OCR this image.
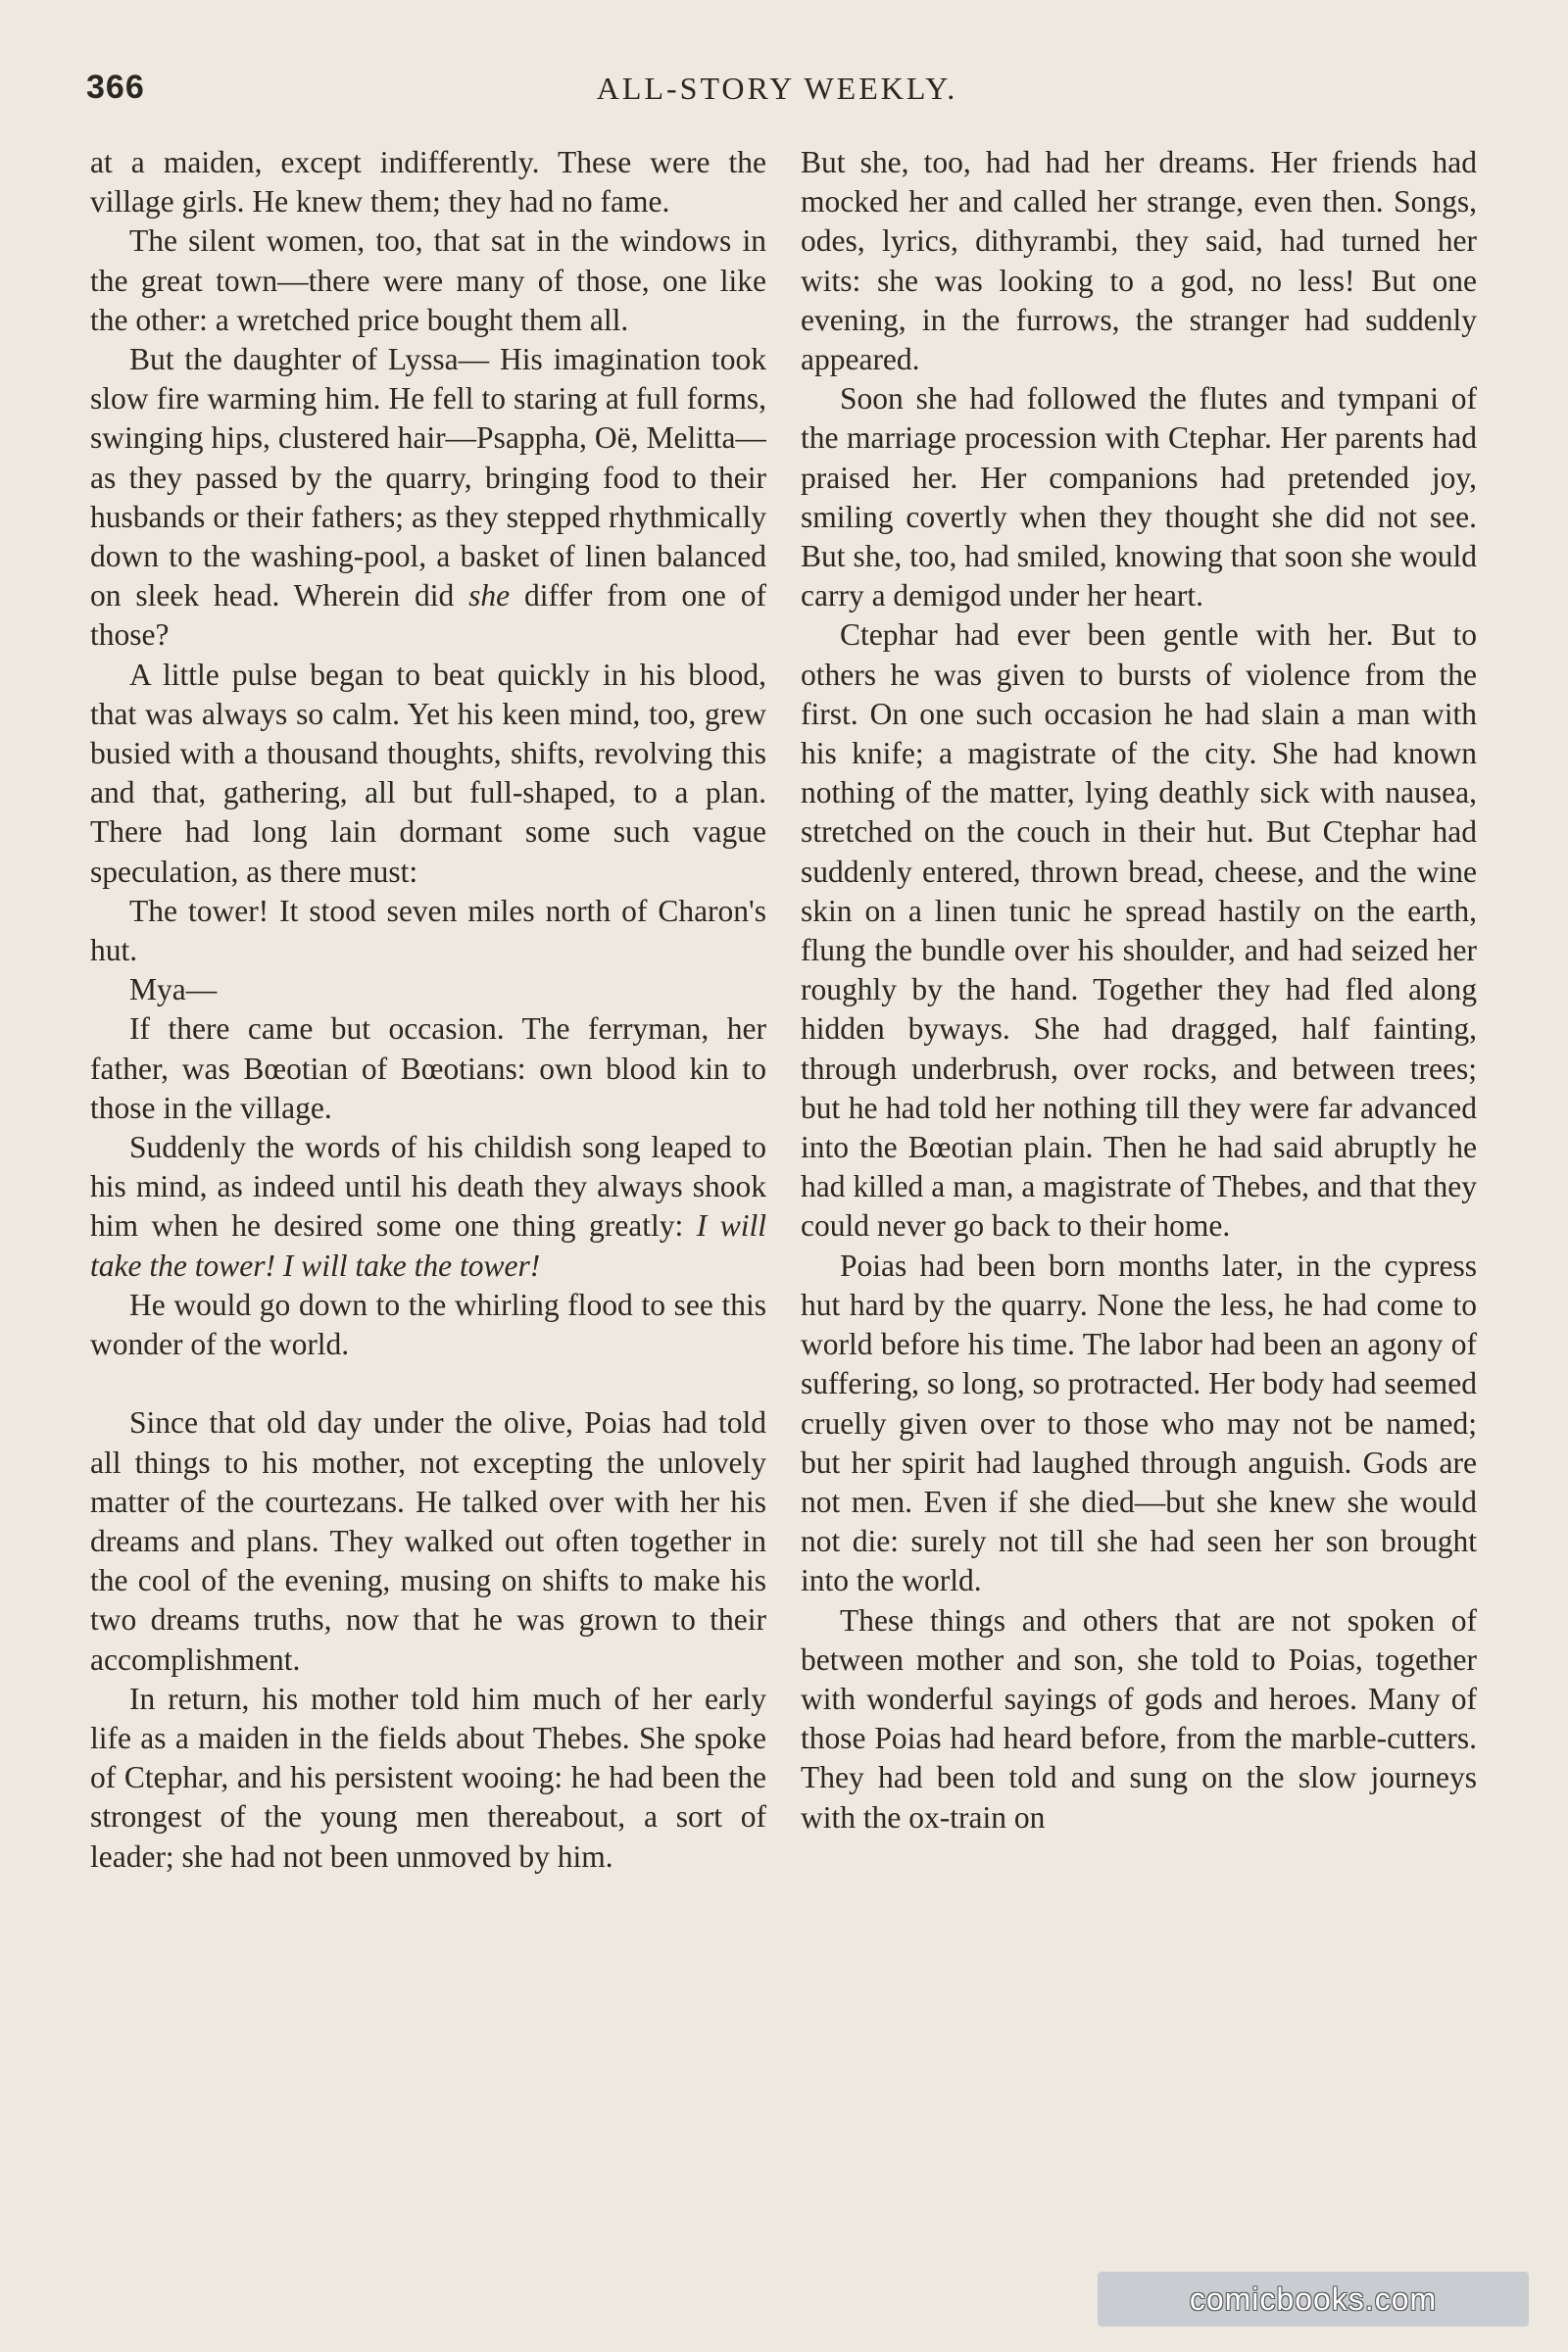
366	ALL-STORY WEEKLY.

at a maiden, except indifferently. These were the village girls. He knew them; they had no fame.

The silent women, too, that sat in the windows in the great town—there were many of those, one like the other: a wretched price bought them all.

But the daughter of Lyssa— His imagination took slow fire warming him. He fell to staring at full forms, swinging hips, clustered hair—Psappha, Oë, Melitta—as they passed by the quarry, bringing food to their husbands or their fathers; as they stepped rhythmically down to the washing-pool, a basket of linen balanced on sleek head. Wherein did she differ from one of those?

A little pulse began to beat quickly in his blood, that was always so calm. Yet his keen mind, too, grew busied with a thousand thoughts, shifts, revolving this and that, gathering, all but full-shaped, to a plan. There had long lain dormant some such vague speculation, as there must:

The tower! It stood seven miles north of Charon's hut.

Mya—

If there came but occasion. The ferryman, her father, was Bœotian of Bœotians: own blood kin to those in the village.

Suddenly the words of his childish song leaped to his mind, as indeed until his death they always shook him when he desired some one thing greatly: I will take the tower! I will take the tower!

He would go down to the whirling flood to see this wonder of the world.

Since that old day under the olive, Poias had told all things to his mother, not excepting the unlovely matter of the courtezans. He talked over with her his dreams and plans. They walked out often together in the cool of the evening, musing on shifts to make his two dreams truths, now that he was grown to their accomplishment.

In return, his mother told him much of her early life as a maiden in the fields about Thebes. She spoke of Ctephar, and his persistent wooing: he had been the strongest of the young men thereabout, a sort of leader; she had not been unmoved by him.

But she, too, had had her dreams. Her friends had mocked her and called her strange, even then. Songs, odes, lyrics, dithyrambi, they said, had turned her wits: she was looking to a god, no less! But one evening, in the furrows, the stranger had suddenly appeared.

Soon she had followed the flutes and tympani of the marriage procession with Ctephar. Her parents had praised her. Her companions had pretended joy, smiling covertly when they thought she did not see. But she, too, had smiled, knowing that soon she would carry a demigod under her heart.

Ctephar had ever been gentle with her. But to others he was given to bursts of violence from the first. On one such occasion he had slain a man with his knife; a magistrate of the city. She had known nothing of the matter, lying deathly sick with nausea, stretched on the couch in their hut. But Ctephar had suddenly entered, thrown bread, cheese, and the wine skin on a linen tunic he spread hastily on the earth, flung the bundle over his shoulder, and had seized her roughly by the hand. Together they had fled along hidden byways. She had dragged, half fainting, through underbrush, over rocks, and between trees; but he had told her nothing till they were far advanced into the Bœotian plain. Then he had said abruptly he had killed a man, a magistrate of Thebes, and that they could never go back to their home.

Poias had been born months later, in the cypress hut hard by the quarry. None the less, he had come to world before his time. The labor had been an agony of suffering, so long, so protracted. Her body had seemed cruelly given over to those who may not be named; but her spirit had laughed through anguish. Gods are not men. Even if she died—but she knew she would not die: surely not till she had seen her son brought into the world.

These things and others that are not spoken of between mother and son, she told to Poias, together with wonderful sayings of gods and heroes. Many of those Poias had heard before, from the marble-cutters. They had been told and sung on the slow journeys with the ox-train on

comicbooks.com
